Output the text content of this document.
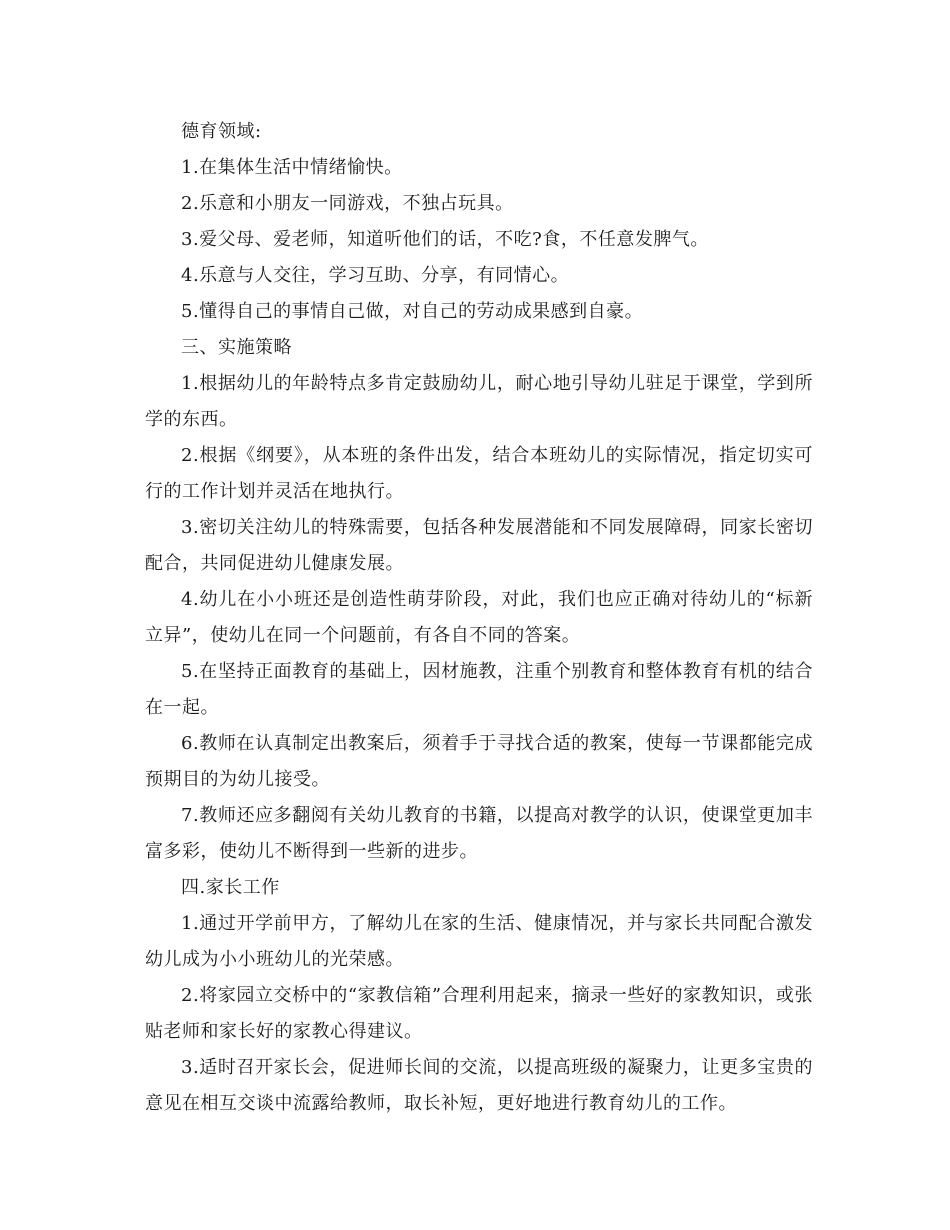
德育领域:

1.在集体生活中情绪愉快。

2.乐意和小朋友一同游戏，不独占玩具。

3.爱父母、爱老师，知道听他们的话，不吃?食，不任意发脾气。

4.乐意与人交往，学习互助、分享，有同情心。

5.懂得自己的事情自己做，对自己的劳动成果感到自豪。

三、实施策略

1.根据幼儿的年龄特点多肯定鼓励幼儿，耐心地引导幼儿驻足于课堂，学到所学的东西。

2.根据《纲要》，从本班的条件出发，结合本班幼儿的实际情况，指定切实可行的工作计划并灵活在地执行。

3.密切关注幼儿的特殊需要，包括各种发展潜能和不同发展障碍，同家长密切配合，共同促进幼儿健康发展。

4.幼儿在小小班还是创造性萌芽阶段，对此，我们也应正确对待幼儿的“标新立异”，使幼儿在同一个问题前，有各自不同的答案。

5.在坚持正面教育的基础上，因材施教，注重个别教育和整体教育有机的结合在一起。

6.教师在认真制定出教案后，须着手于寻找合适的教案，使每一节课都能完成预期目的为幼儿接受。

7.教师还应多翻阅有关幼儿教育的书籍，以提高对教学的认识，使课堂更加丰富多彩，使幼儿不断得到一些新的进步。

四.家长工作

1.通过开学前甲方，了解幼儿在家的生活、健康情况，并与家长共同配合激发幼儿成为小小班幼儿的光荣感。

2.将家园立交桥中的“家教信箱”合理利用起来，摘录一些好的家教知识，或张贴老师和家长好的家教心得建议。

3.适时召开家长会，促进师长间的交流，以提高班级的凝聚力，让更多宝贵的意见在相互交谈中流露给教师，取长补短，更好地进行教育幼儿的工作。
